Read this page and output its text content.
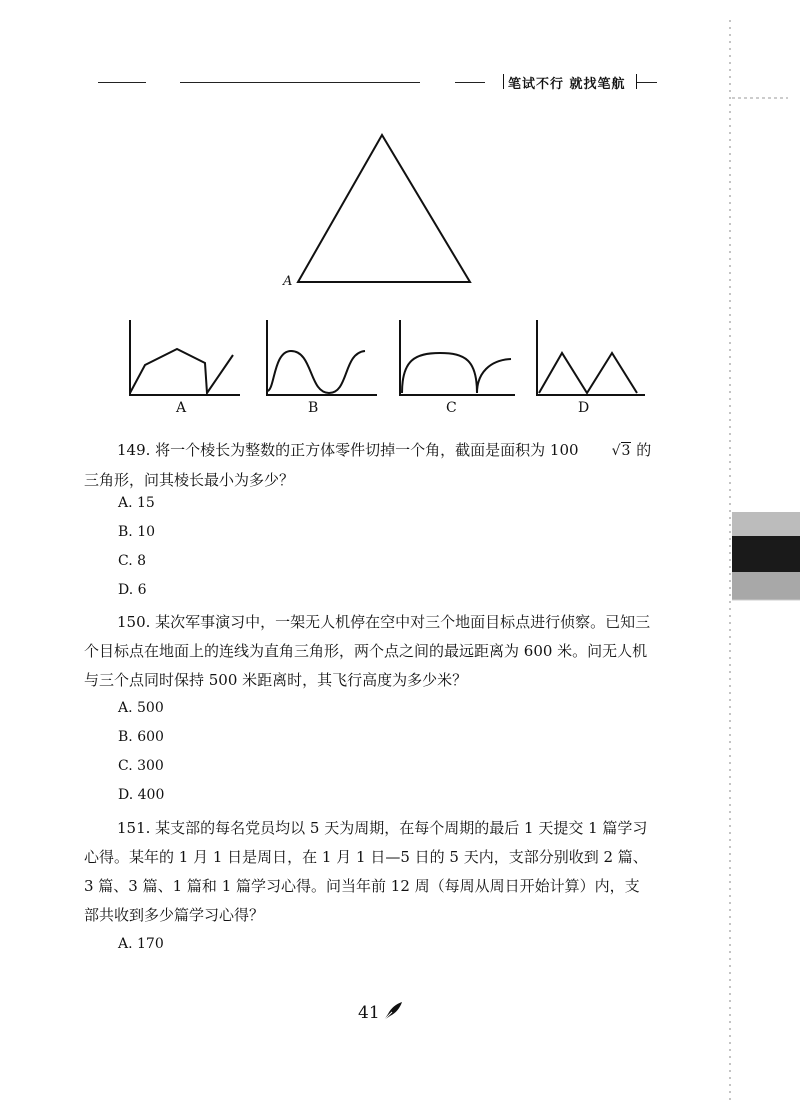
笔试不行 就找笔航
A
A	B	C	D
149. 将一个棱长为整数的正方体零件切掉一个角，截面是面积为 100 √3 的三角形，问其棱长最小为多少？
A. 15
B. 10
C. 8
D. 6
150. 某次军事演习中，一架无人机停在空中对三个地面目标点进行侦察。已知三个目标点在地面上的连线为直角三角形，两个点之间的最远距离为 600 米。问无人机与三个点同时保持 500 米距离时，其飞行高度为多少米？
A. 500
B. 600
C. 300
D. 400
151. 某支部的每名党员均以 5 天为周期，在每个周期的最后 1 天提交 1 篇学习心得。某年的 1 月 1 日是周日，在 1 月 1 日—5 日的 5 天内，支部分别收到 2 篇、3 篇、3 篇、1 篇和 1 篇学习心得。问当年前 12 周（每周从周日开始计算）内，支部共收到多少篇学习心得？
A. 170
41
